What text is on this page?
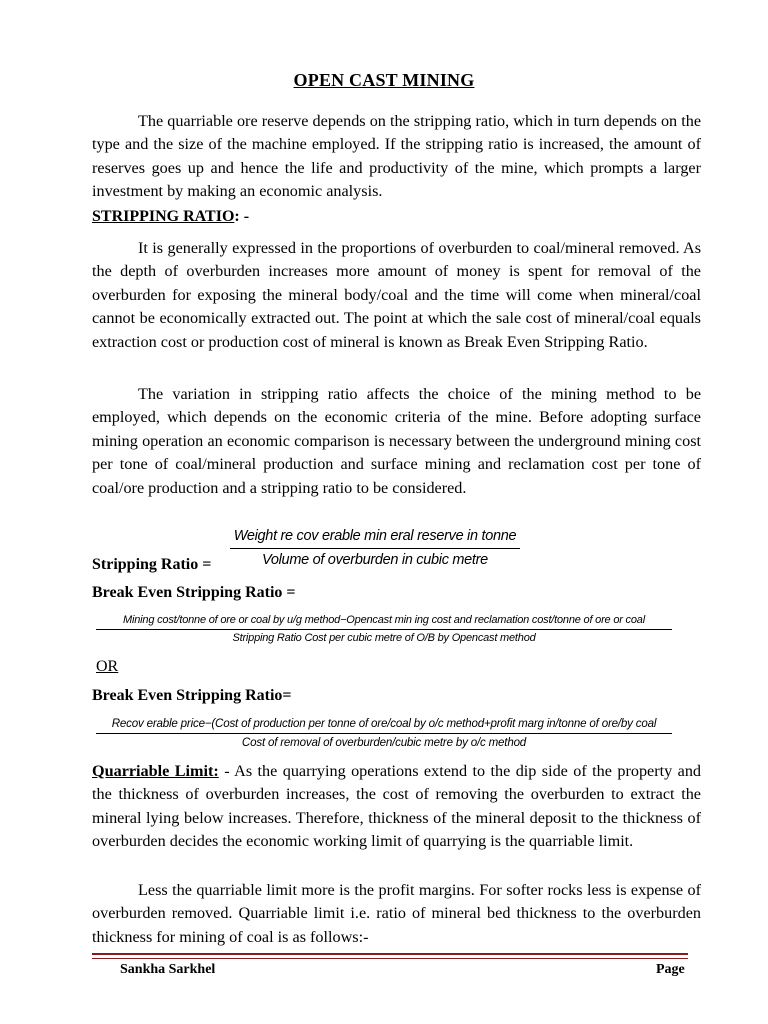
OPEN CAST MINING

The quarriable ore reserve depends on the stripping ratio, which in turn depends on the type and the size of the machine employed. If the stripping ratio is increased, the amount of reserves goes up and hence the life and productivity of the mine, which prompts a larger investment by making an economic analysis.

STRIPPING RATIO: -

It is generally expressed in the proportions of overburden to coal/mineral removed. As the depth of overburden increases more amount of money is spent for removal of the overburden for exposing the mineral body/coal and the time will come when mineral/coal cannot be economically extracted out. The point at which the sale cost of mineral/coal equals extraction cost or production cost of mineral is known as Break Even Stripping Ratio.

The variation in stripping ratio affects the choice of the mining method to be employed, which depends on the economic criteria of the mine. Before adopting surface mining operation an economic comparison is necessary between the underground mining cost per tone of coal/mineral production and surface mining and reclamation cost per tone of coal/ore production and a stripping ratio to be considered.

Weight re cov erable min eral reserve in tonne
Volume of overburden in cubic metre

Stripping Ratio =

Break Even Stripping Ratio =

Mining cost/tonne of ore or coal by u/g method−Opencast min ing cost and reclamation cost/tonne of ore or coal
Stripping Ratio Cost per cubic metre of O/B by Opencast method
OR

Break Even Stripping Ratio=

Recov erable price−(Cost of production per tonne of ore/coal by o/c method+profit marg in/tonne of ore/by coal
Cost of removal of overburden/cubic metre by o/c method

Quarriable Limit: - As the quarrying operations extend to the dip side of the property and the thickness of overburden increases, the cost of removing the overburden to extract the mineral lying below increases. Therefore, thickness of the mineral deposit to the thickness of overburden decides the economic working limit of quarrying is the quarriable limit.

Less the quarriable limit more is the profit margins. For softer rocks less is expense of overburden removed. Quarriable limit i.e. ratio of mineral bed thickness to the overburden thickness for mining of coal is as follows:-

Sankha Sarkhel	Page
